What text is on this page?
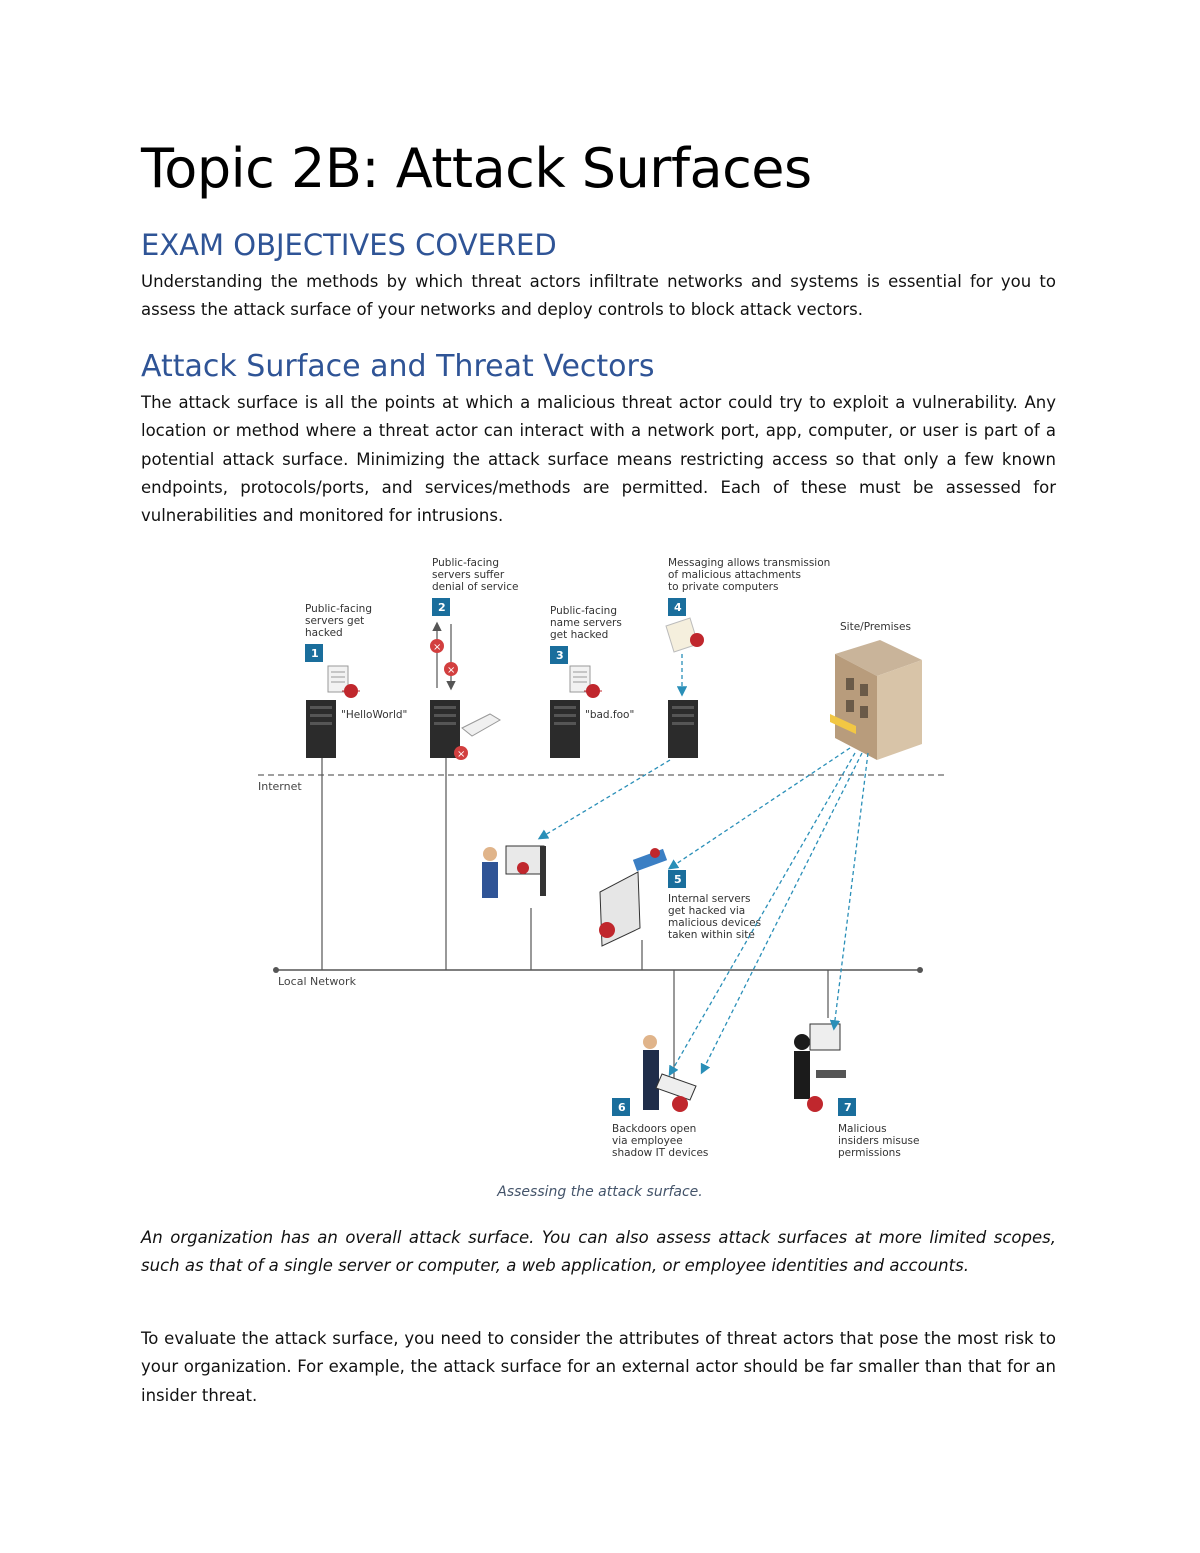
Topic 2B: Attack Surfaces
EXAM OBJECTIVES COVERED

Understanding the methods by which threat actors infiltrate networks and systems is essential for you to assess the attack surface of your networks and deploy controls to block attack vectors.

Attack Surface and Threat Vectors

The attack surface is all the points at which a malicious threat actor could try to exploit a vulnerability. Any location or method where a threat actor can interact with a network port, app, computer, or user is part of a potential attack surface. Minimizing the attack surface means restricting access so that only a few known endpoints, protocols/ports, and services/methods are permitted. Each of these must be assessed for vulnerabilities and monitored for intrusions.

Internet
Local Network
"HelloWorld"
1
Public-facing servers get hacked
×
×
×
2
Public-facing servers suffer denial of service
"bad.foo"
3
Public-facing name servers get hacked
4
Messaging allows transmission of malicious attachments to private computers
Site/Premises
5
Internal servers get hacked via malicious devices taken within site
6
Backdoors open via employee shadow IT devices
7
Malicious insiders misuse permissions

Assessing the attack surface.

An organization has an overall attack surface. You can also assess attack surfaces at more limited scopes, such as that of a single server or computer, a web application, or employee identities and accounts.

To evaluate the attack surface, you need to consider the attributes of threat actors that pose the most risk to your organization. For example, the attack surface for an external actor should be far smaller than that for an insider threat.
